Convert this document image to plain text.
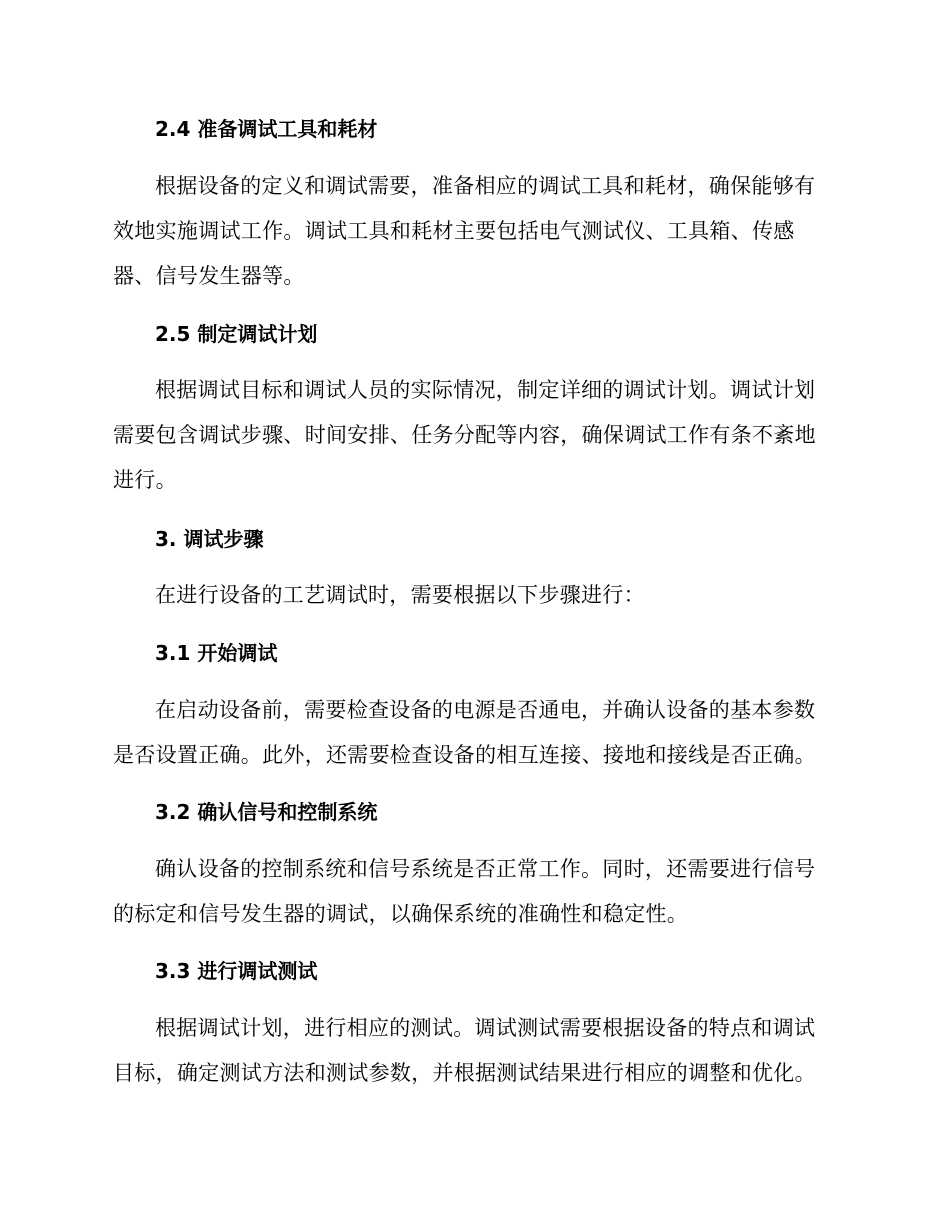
2.4 准备调试工具和耗材
根据设备的定义和调试需要，准备相应的调试工具和耗材，确保能够有
效地实施调试工作。调试工具和耗材主要包括电气测试仪、工具箱、传感
器、信号发生器等。
2.5 制定调试计划
根据调试目标和调试人员的实际情况，制定详细的调试计划。调试计划
需要包含调试步骤、时间安排、任务分配等内容，确保调试工作有条不紊地
进行。
3. 调试步骤
在进行设备的工艺调试时，需要根据以下步骤进行：
3.1 开始调试
在启动设备前，需要检查设备的电源是否通电，并确认设备的基本参数
是否设置正确。此外，还需要检查设备的相互连接、接地和接线是否正确。
3.2 确认信号和控制系统
确认设备的控制系统和信号系统是否正常工作。同时，还需要进行信号
的标定和信号发生器的调试，以确保系统的准确性和稳定性。
3.3 进行调试测试
根据调试计划，进行相应的测试。调试测试需要根据设备的特点和调试
目标，确定测试方法和测试参数，并根据测试结果进行相应的调整和优化。
